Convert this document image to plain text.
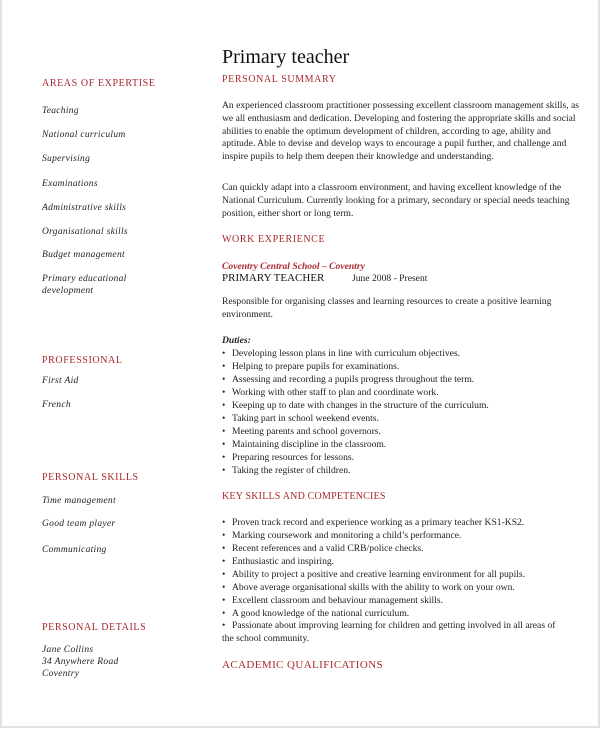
Primary teacher
AREAS OF EXPERTISE
Teaching
National curriculum
Supervising
Examinations
Administrative skills
Organisational skills
Budget management
Primary educational development
PROFESSIONAL
First Aid
French
PERSONAL SKILLS
Time management
Good team player
Communicating
PERSONAL DETAILS
Jane Collins
34 Anywhere Road
Coventry
PERSONAL SUMMARY
An experienced classroom practitioner possessing excellent classroom management skills, as we all enthusiasm and dedication. Developing and fostering the appropriate skills and social abilities to enable the optimum development of children, according to age, ability and aptitude. Able to devise and develop ways to encourage a pupil further, and challenge and inspire pupils to help them deepen their knowledge and understanding.
Can quickly adapt into a classroom environment, and having excellent knowledge of the National Curriculum. Currently looking for a primary, secondary or special needs teaching position, either short or long term.
WORK EXPERIENCE
Coventry Central School – Coventry
PRIMARY TEACHER	June 2008 - Present
Responsible for organising classes and learning resources to create a positive learning environment.
Duties:
• Developing lesson plans in line with curriculum objectives.
• Helping to prepare pupils for examinations.
• Assessing and recording a pupils progress throughout the term.
• Working with other staff to plan and coordinate work.
• Keeping up to date with changes in the structure of the curriculum.
• Taking part in school weekend events.
• Meeting parents and school governors.
• Maintaining discipline in the classroom.
• Preparing resources for lessons.
• Taking the register of children.
KEY SKILLS AND COMPETENCIES
• Proven track record and experience working as a primary teacher KS1-KS2.
• Marking coursework and monitoring a child’s performance.
• Recent references and a valid CRB/police checks.
• Enthusiastic and inspiring.
• Ability to project a positive and creative learning environment for all pupils.
• Above average organisational skills with the ability to work on your own.
• Excellent classroom and behaviour management skills.
• A good knowledge of the national curriculum.
• Passionate about improving learning for children and getting involved in all areas of the school community.
ACADEMIC QUALIFICATIONS
